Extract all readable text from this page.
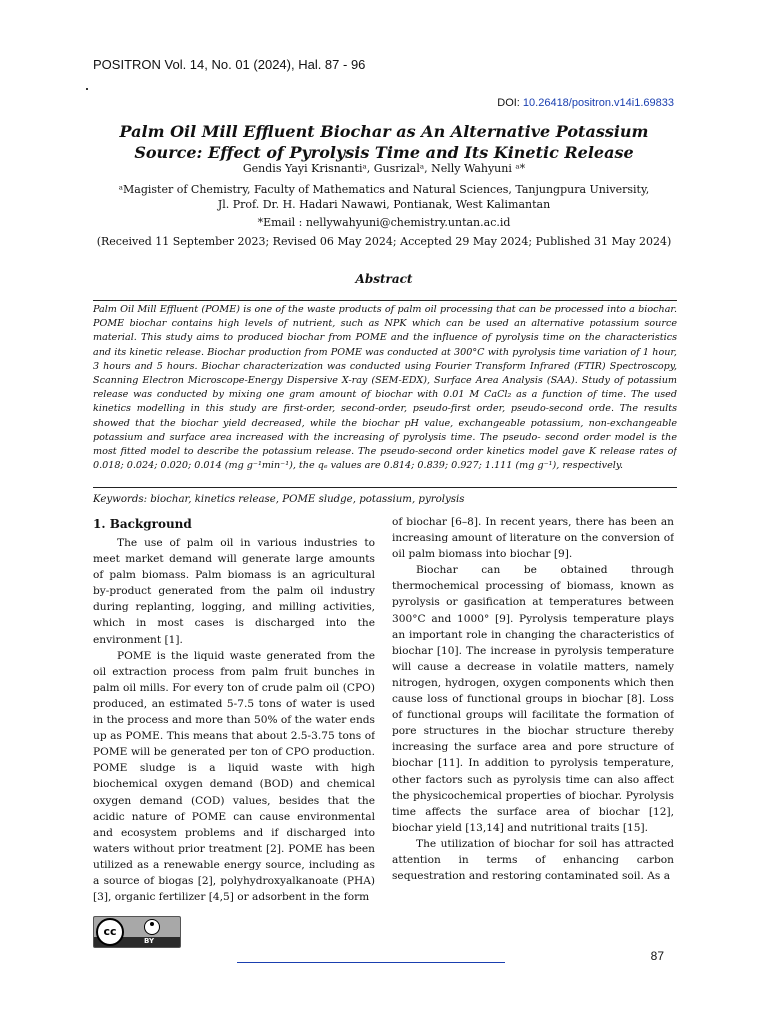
POSITRON Vol. 14, No. 01 (2024), Hal. 87 - 96
DOI: 10.26418/positron.v14i1.69833
Palm Oil Mill Effluent Biochar as An Alternative Potassium Source: Effect of Pyrolysis Time and Its Kinetic Release
Gendis Yayi Krisnantiᵃ, Gusrizalᵃ, Nelly Wahyuni ᵃ*
ᵃMagister of Chemistry, Faculty of Mathematics and Natural Sciences, Tanjungpura University,
Jl. Prof. Dr. H. Hadari Nawawi, Pontianak, West Kalimantan
*Email : nellywahyuni@chemistry.untan.ac.id
(Received 11 September 2023; Revised 06 May 2024; Accepted 29 May 2024; Published 31 May 2024)
Abstract
Palm Oil Mill Effluent (POME) is one of the waste products of palm oil processing that can be processed into a biochar. POME biochar contains high levels of nutrient, such as NPK which can be used an alternative potassium source material. This study aims to produced biochar from POME and the influence of pyrolysis time on the characteristics and its kinetic release. Biochar production from POME was conducted at 300°C with pyrolysis time variation of 1 hour, 3 hours and 5 hours. Biochar characterization was conducted using Fourier Transform Infrared (FTIR) Spectroscopy, Scanning Electron Microscope-Energy Dispersive X-ray (SEM-EDX), Surface Area Analysis (SAA). Study of potassium release was conducted by mixing one gram amount of biochar with 0.01 M CaCl₂ as a function of time. The used kinetics modelling in this study are first-order, second-order, pseudo-first order, pseudo-second orde. The results showed that the biochar yield decreased, while the biochar pH value, exchangeable potassium, non-exchangeable potassium and surface area increased with the increasing of pyrolysis time. The pseudo- second order model is the most fitted model to describe the potassium release. The pseudo-second order kinetics model gave K release rates of 0.018; 0.024; 0.020; 0.014 (mg g⁻¹min⁻¹), the qₑ values are 0.814; 0.839; 0.927; 1.111 (mg g⁻¹), respectively.
Keywords: biochar, kinetics release, POME sludge, potassium, pyrolysis
1. Background

The use of palm oil in various industries to meet market demand will generate large amounts of palm biomass. Palm biomass is an agricultural by-product generated from the palm oil industry during replanting, logging, and milling activities, which in most cases is discharged into the environment [1].

POME is the liquid waste generated from the oil extraction process from palm fruit bunches in palm oil mills. For every ton of crude palm oil (CPO) produced, an estimated 5-7.5 tons of water is used in the process and more than 50% of the water ends up as POME. This means that about 2.5-3.75 tons of POME will be generated per ton of CPO production. POME sludge is a liquid waste with high biochemical oxygen demand (BOD) and chemical oxygen demand (COD) values, besides that the acidic nature of POME can cause environmental and ecosystem problems and if discharged into waters without prior treatment [2]. POME has been utilized as a renewable energy source, including as a source of biogas [2], polyhydroxyalkanoate (PHA) [3], organic fertilizer [4,5] or adsorbent in the form

of biochar [6–8]. In recent years, there has been an increasing amount of literature on the conversion of oil palm biomass into biochar [9].

Biochar can be obtained through thermochemical processing of biomass, known as pyrolysis or gasification at temperatures between 300°C and 1000° [9]. Pyrolysis temperature plays an important role in changing the characteristics of biochar [10]. The increase in pyrolysis temperature will cause a decrease in volatile matters, namely nitrogen, hydrogen, oxygen components which then cause loss of functional groups in biochar [8]. Loss of functional groups will facilitate the formation of pore structures in the biochar structure thereby increasing the surface area and pore structure of biochar [11]. In addition to pyrolysis temperature, other factors such as pyrolysis time can also affect the physicochemical properties of biochar. Pyrolysis time affects the surface area of biochar [12], biochar yield [13,14] and nutritional traits [15].

The utilization of biochar for soil has attracted attention in terms of enhancing carbon sequestration and restoring contaminated soil. As a

cc
BY
87
